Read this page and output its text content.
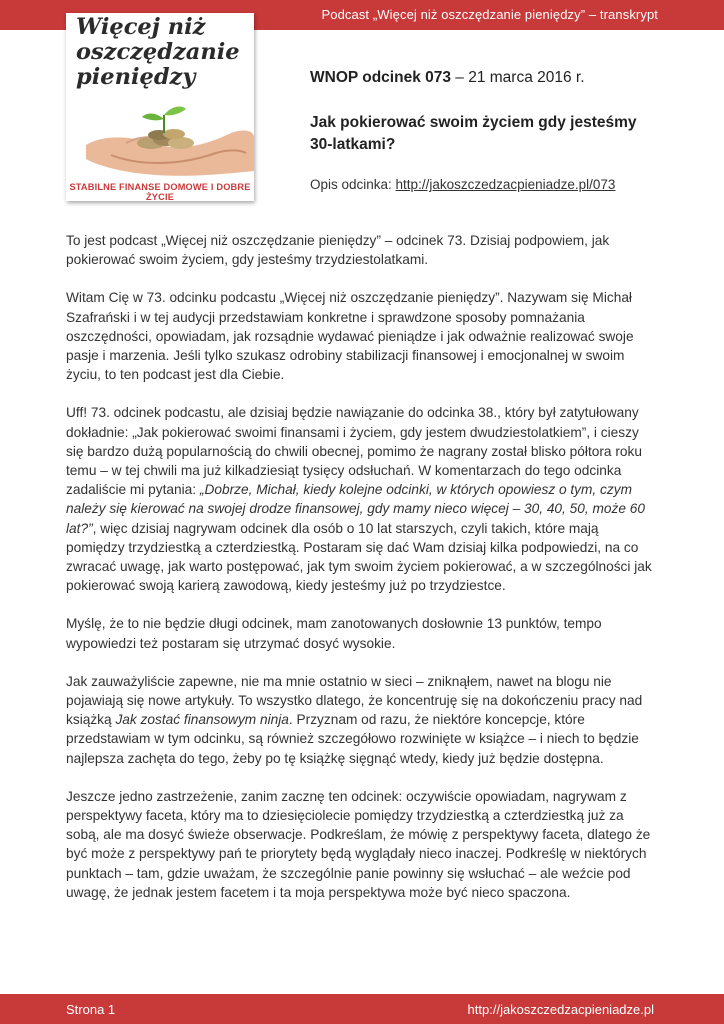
Podcast „Więcej niż oszczędzanie pieniędzy” – transkrypt
Więcej niż
oszczędzanie
pieniędzy
STABILNE FINANSE DOMOWE I DOBRE ŻYCIE
WNOP odcinek 073 – 21 marca 2016 r.
Jak pokierować swoim życiem gdy jesteśmy
30-latkami?
Opis odcinka: http://jakoszczedzacpieniadze.pl/073

To jest podcast „Więcej niż oszczędzanie pieniędzy” – odcinek 73. Dzisiaj podpowiem, jak pokierować swoim życiem, gdy jesteśmy trzydziestolatkami.

Witam Cię w 73. odcinku podcastu „Więcej niż oszczędzanie pieniędzy”. Nazywam się Michał Szafrański i w tej audycji przedstawiam konkretne i sprawdzone sposoby pomnażania oszczędności, opowiadam, jak rozsądnie wydawać pieniądze i jak odważnie realizować swoje pasje i marzenia. Jeśli tylko szukasz odrobiny stabilizacji finansowej i emocjonalnej w swoim życiu, to ten podcast jest dla Ciebie.

Uff! 73. odcinek podcastu, ale dzisiaj będzie nawiązanie do odcinka 38., który był zatytułowany dokładnie: „Jak pokierować swoimi finansami i życiem, gdy jestem dwudziestolatkiem”, i cieszy się bardzo dużą popularnością do chwili obecnej, pomimo że nagrany został blisko półtora roku temu – w tej chwili ma już kilkadziesiąt tysięcy odsłuchań. W komentarzach do tego odcinka zadaliście mi pytania: „Dobrze, Michał, kiedy kolejne odcinki, w których opowiesz o tym, czym należy się kierować na swojej drodze finansowej, gdy mamy nieco więcej – 30, 40, 50, może 60 lat?”, więc dzisiaj nagrywam odcinek dla osób o 10 lat starszych, czyli takich, które mają pomiędzy trzydziestką a czterdziestką. Postaram się dać Wam dzisiaj kilka podpowiedzi, na co zwracać uwagę, jak warto postępować, jak tym swoim życiem pokierować, a w szczególności jak pokierować swoją karierą zawodową, kiedy jesteśmy już po trzydziestce.

Myślę, że to nie będzie długi odcinek, mam zanotowanych dosłownie 13 punktów, tempo wypowiedzi też postaram się utrzymać dosyć wysokie.

Jak zauważyliście zapewne, nie ma mnie ostatnio w sieci – zniknąłem, nawet na blogu nie pojawiają się nowe artykuły. To wszystko dlatego, że koncentruję się na dokończeniu pracy nad książką Jak zostać finansowym ninja. Przyznam od razu, że niektóre koncepcje, które przedstawiam w tym odcinku, są również szczegółowo rozwinięte w książce – i niech to będzie najlepsza zachęta do tego, żeby po tę książkę sięgnąć wtedy, kiedy już będzie dostępna.

Jeszcze jedno zastrzeżenie, zanim zacznę ten odcinek: oczywiście opowiadam, nagrywam z perspektywy faceta, który ma to dziesięciolecie pomiędzy trzydziestką a czterdziestką już za sobą, ale ma dosyć świeże obserwacje. Podkreślam, że mówię z perspektywy faceta, dlatego że być może z perspektywy pań te priorytety będą wyglądały nieco inaczej. Podkreślę w niektórych punktach – tam, gdzie uważam, że szczególnie panie powinny się wsłuchać – ale weźcie pod uwagę, że jednak jestem facetem i ta moja perspektywa może być nieco spaczona.

Strona 1	http://jakoszczedzacpieniadze.pl
